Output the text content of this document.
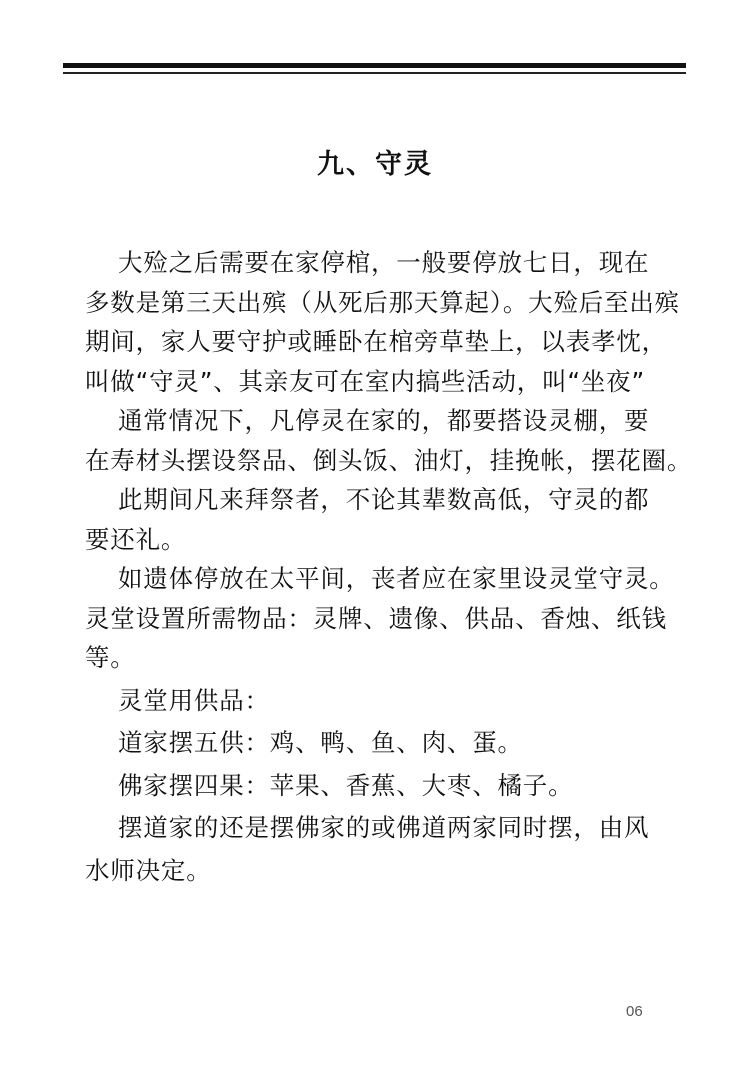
九、守灵
大殓之后需要在家停棺，一般要停放七日，现在
多数是第三天出殡（从死后那天算起）。大殓后至出殡
期间，家人要守护或睡卧在棺旁草垫上，以表孝忱，
叫做“守灵”、其亲友可在室内搞些活动，叫“坐夜”
通常情况下，凡停灵在家的，都要搭设灵棚，要
在寿材头摆设祭品、倒头饭、油灯，挂挽帐，摆花圈。
此期间凡来拜祭者，不论其辈数高低，守灵的都
要还礼。
如遗体停放在太平间，丧者应在家里设灵堂守灵。
灵堂设置所需物品：灵牌、遗像、供品、香烛、纸钱
等。
灵堂用供品：
道家摆五供：鸡、鸭、鱼、肉、蛋。
佛家摆四果：苹果、香蕉、大枣、橘子。
摆道家的还是摆佛家的或佛道两家同时摆，由风
水师决定。
06
